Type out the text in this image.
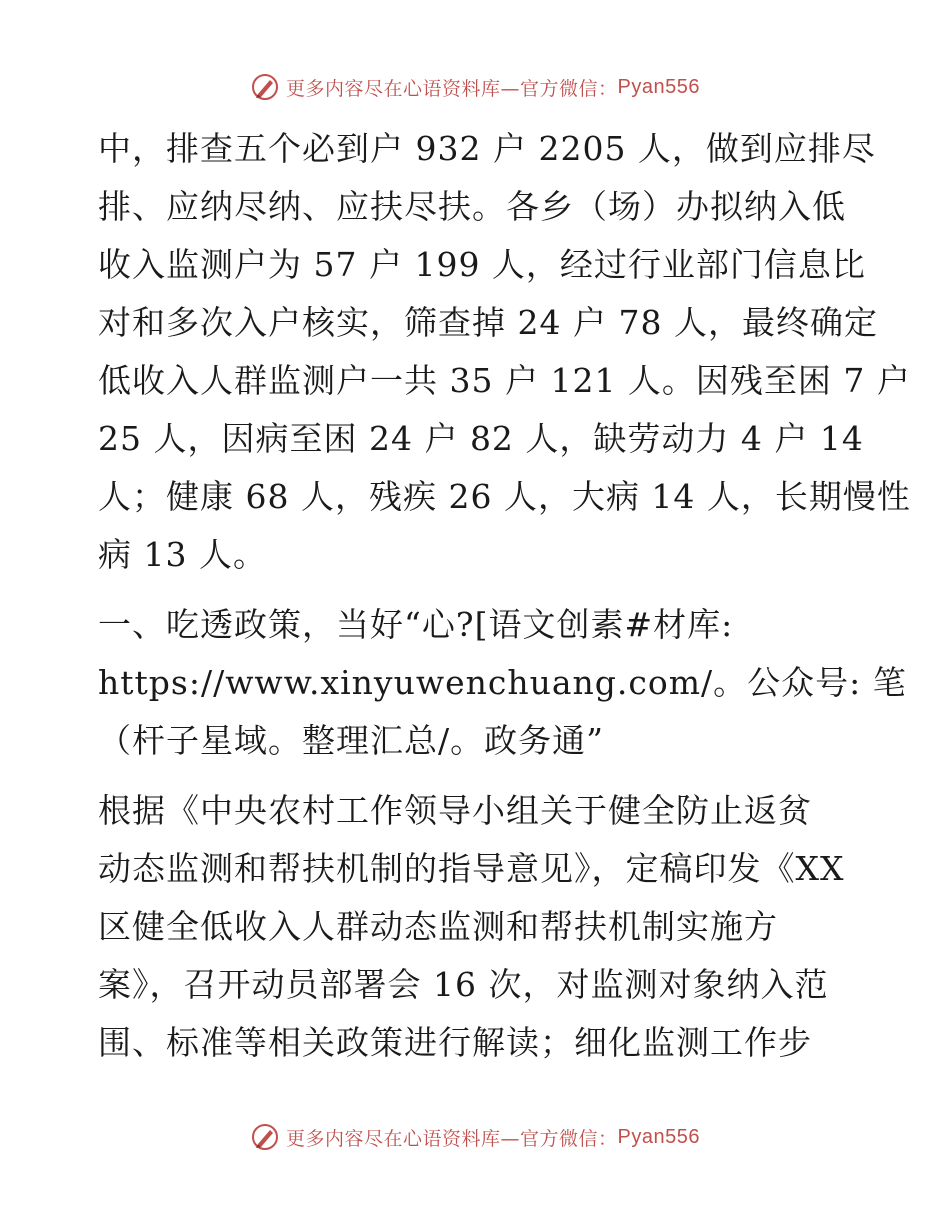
更多内容尽在心语资料库—官方微信： Pyan556

中，排查五个必到户 932 户 2205 人，做到应排尽
排、应纳尽纳、应扶尽扶。各乡（场）办拟纳入低
收入监测户为 57 户 199 人，经过行业部门信息比
对和多次入户核实，筛查掉 24 户 78 人，最终确定
低收入人群监测户一共 35 户 121 人。因残至困 7 户
25 人，因病至困 24 户 82 人，缺劳动力 4 户 14
人；健康 68 人，残疾 26 人，大病 14 人，长期慢性
病 13 人。

一、吃透政策，当好“心?[语文创素#材库:
https://www.xinyuwenchuang.com/。公众号: 笔
（杆子星域。整理汇总/。政务通”

根据《中央农村工作领导小组关于健全防止返贫
动态监测和帮扶机制的指导意见》，定稿印发《XX
区健全低收入人群动态监测和帮扶机制实施方
案》，召开动员部署会 16 次，对监测对象纳入范
围、标准等相关政策进行解读；细化监测工作步

更多内容尽在心语资料库—官方微信： Pyan556
